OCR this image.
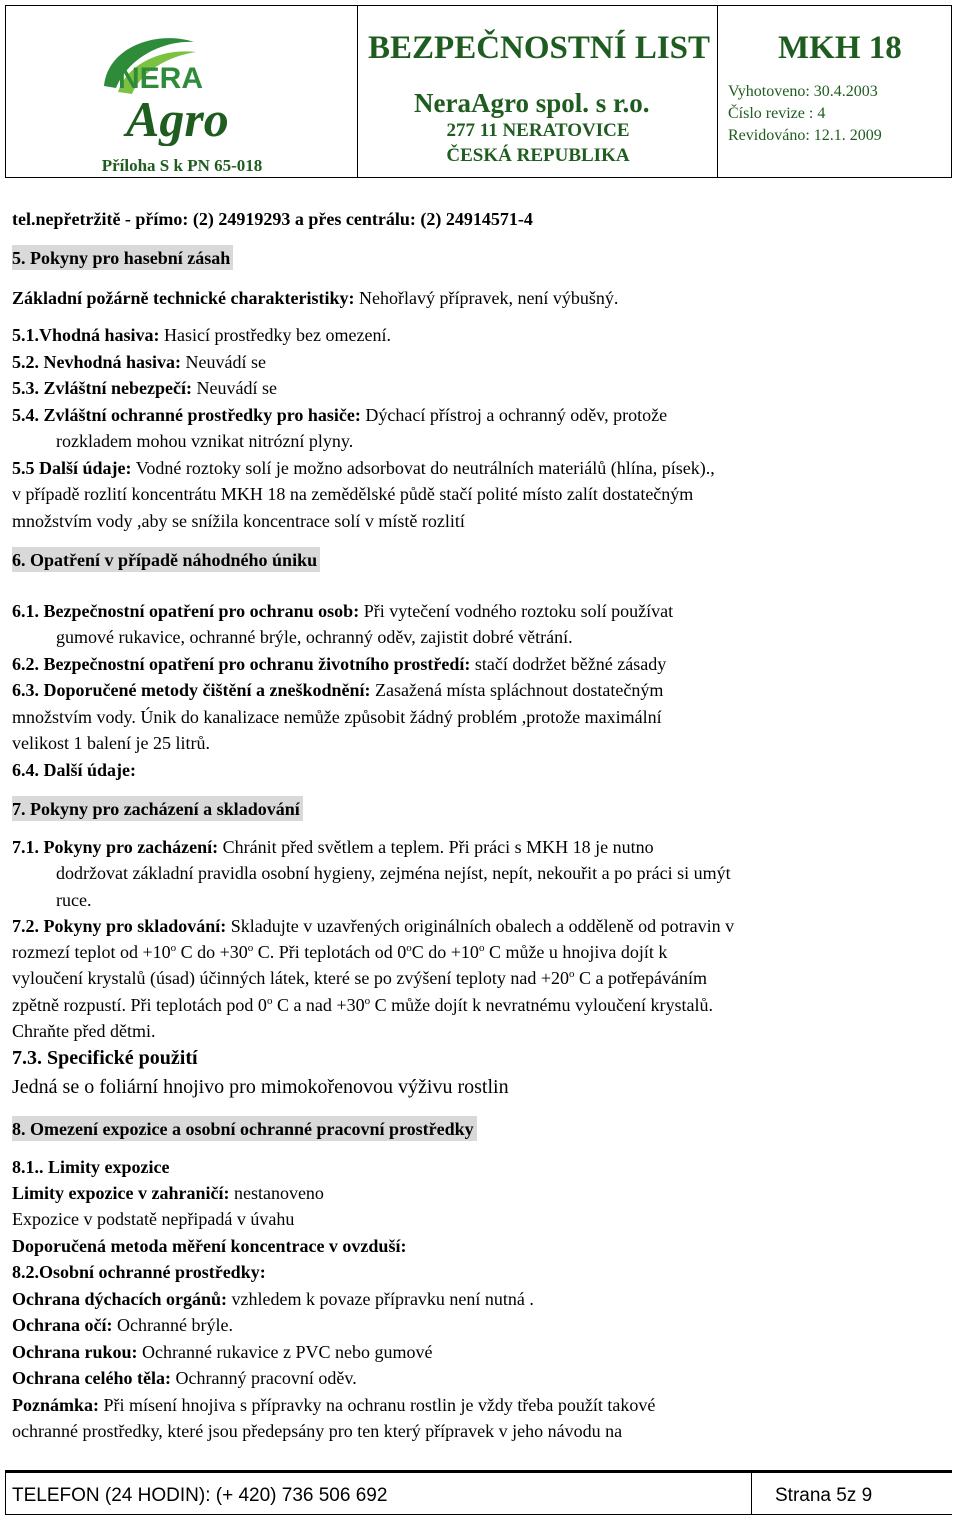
NERA
Agro
Příloha S k PN 65-018
BEZPEČNOSTNÍ LIST
NeraAgro spol. s r.o.
277 11 NERATOVICE
ČESKÁ REPUBLIKA
MKH 18
Vyhotoveno: 30.4.2003
Číslo revize : 4
Revidováno: 12.1. 2009
tel.nepřetržitě - přímo: (2) 24919293 a přes centrálu: (2) 24914571-4
5. Pokyny pro hasební zásah
Základní požárně technické charakteristiky: Nehořlavý přípravek, není výbušný.
5.1.Vhodná hasiva: Hasicí prostředky bez omezení.
5.2. Nevhodná hasiva: Neuvádí se
5.3. Zvláštní nebezpečí: Neuvádí se
5.4. Zvláštní ochranné prostředky pro hasiče: Dýchací přístroj a ochranný oděv, protože
rozkladem mohou vznikat nitrózní plyny.
5.5 Další údaje: Vodné roztoky solí je možno adsorbovat do neutrálních materiálů (hlína, písek).,
v případě rozlití koncentrátu MKH 18 na zemědělské půdě stačí polité místo zalít dostatečným
množstvím vody ,aby se snížila koncentrace solí v místě rozlití
6. Opatření v případě náhodného úniku
6.1. Bezpečnostní opatření pro ochranu osob: Při vytečení vodného roztoku solí používat
gumové rukavice, ochranné brýle, ochranný oděv, zajistit dobré větrání.
6.2. Bezpečnostní opatření pro ochranu životního prostředí: stačí dodržet běžné zásady
6.3. Doporučené metody čištění a zneškodnění: Zasažená místa spláchnout dostatečným
množstvím vody. Únik do kanalizace nemůže způsobit žádný problém ,protože maximální
velikost 1 balení je 25 litrů.
6.4. Další údaje:
7. Pokyny pro zacházení a skladování
7.1. Pokyny pro zacházení: Chránit před světlem a teplem. Při práci s MKH 18 je nutno
dodržovat základní pravidla osobní hygieny, zejména nejíst, nepít, nekouřit a po práci si umýt
ruce.
7.2. Pokyny pro skladování: Skladujte v uzavřených originálních obalech a odděleně od potravin v
rozmezí teplot od $+10^o$ C do $+30^o$ C. Při teplotách od 0$^o$C do $+10^o$ C může u hnojiva dojít k
vyloučení krystalů (úsad) účinných látek, které se po zvýšení teploty nad $+20^o$ C a potřepáváním
zpětně rozpustí. Při teplotách pod 0$^o$ C a nad $+30^o$ C může dojít k nevratnému vyloučení krystalů.
Chraňte před dětmi.
7.3. Specifické použití
Jedná se o foliární hnojivo pro mimokořenovou výživu rostlin
8. Omezení expozice a osobní ochranné pracovní prostředky
8.1.. Limity expozice
Limity expozice v zahraničí: nestanoveno
Expozice v podstatě nepřipadá v úvahu
Doporučená metoda měření koncentrace v ovzduší:
8.2.Osobní ochranné prostředky:
Ochrana dýchacích orgánů: vzhledem k povaze přípravku není nutná .
Ochrana očí: Ochranné brýle.
Ochrana rukou: Ochranné rukavice z PVC nebo gumové
Ochrana celého těla: Ochranný pracovní oděv.
Poznámka: Při mísení hnojiva s přípravky na ochranu rostlin je vždy třeba použít takové
ochranné prostředky, které jsou předepsány pro ten který přípravek v jeho návodu na
TELEFON (24 HODIN): (+ 420) 736 506 692	Strana 5z 9
